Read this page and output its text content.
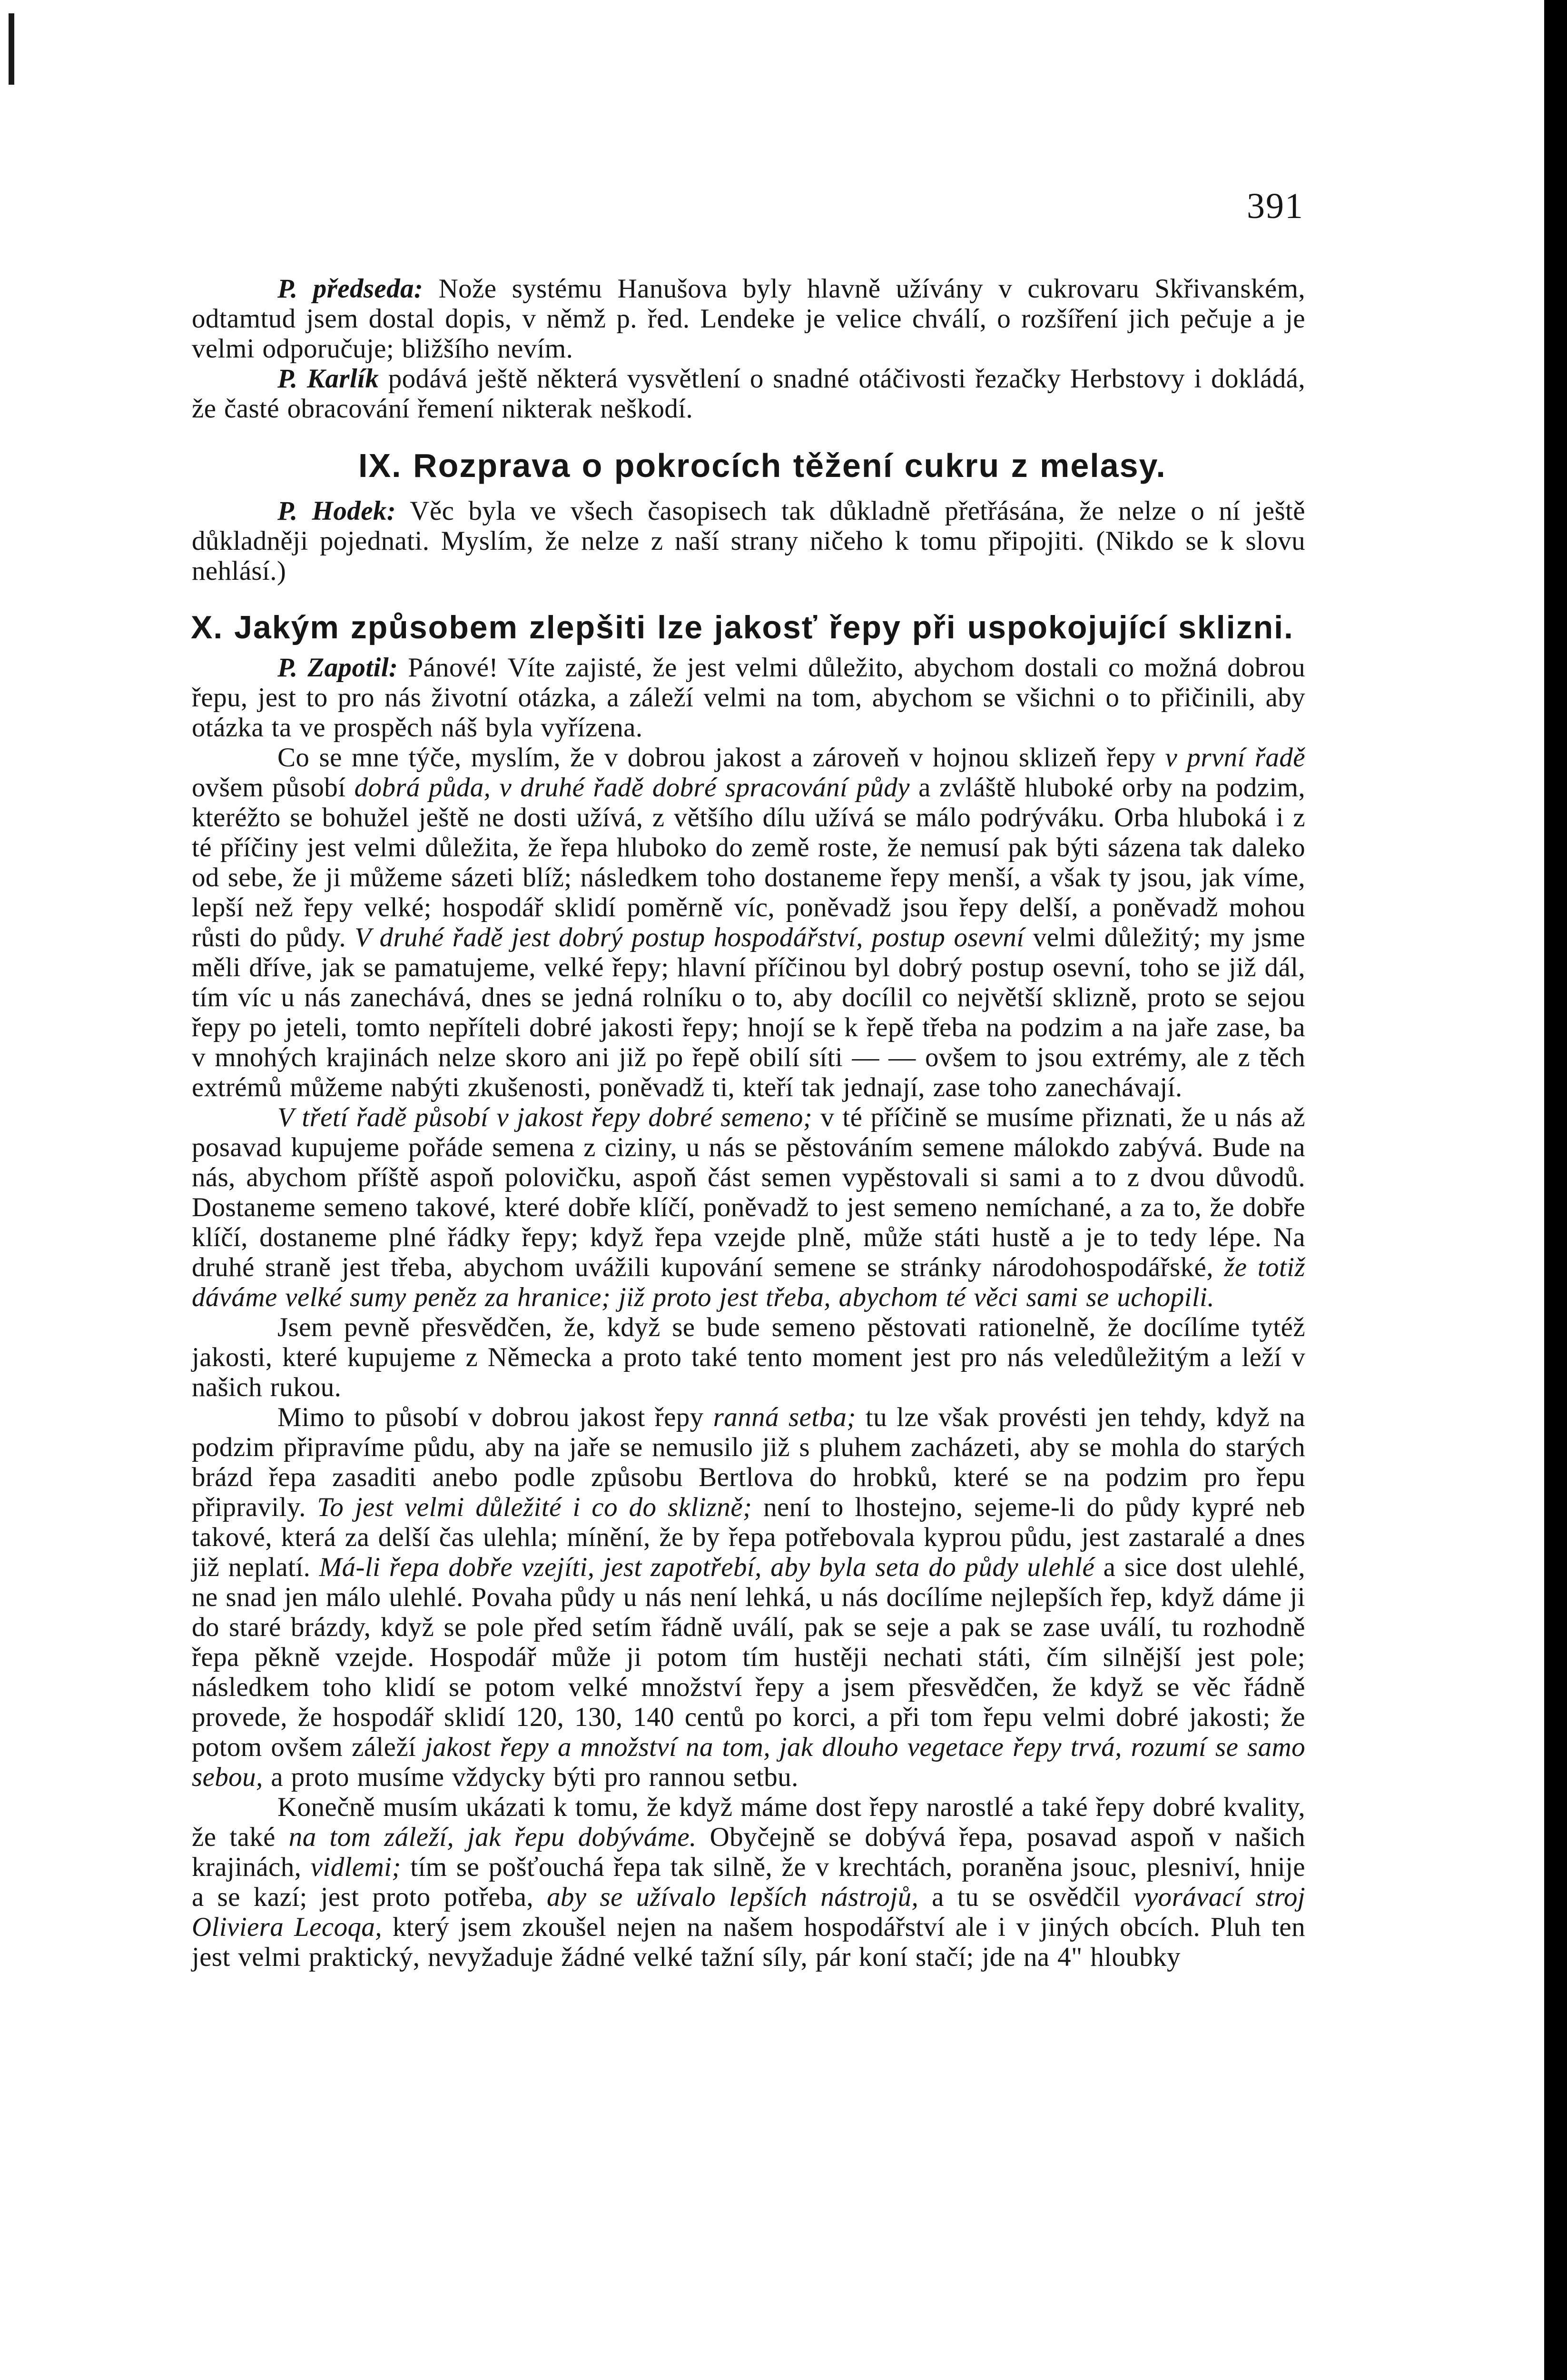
391

P. předseda: Nože systému Hanušova byly hlavně užívány v cukrovaru Skřivanském, odtamtud jsem dostal dopis, v němž p. řed. Lendeke je velice chválí, o rozšíření jich pečuje a je velmi odporučuje; bližšího nevím.

P. Karlík podává ještě některá vysvětlení o snadné otáčivosti řezačky Herbstovy i dokládá, že časté obracování řemení nikterak neškodí.

IX. Rozprava o pokrocích těžení cukru z melasy.

P. Hodek: Věc byla ve všech časopisech tak důkladně přetřásána, že nelze o ní ještě důkladněji pojednati. Myslím, že nelze z naší strany ničeho k tomu připojiti. (Nikdo se k slovu nehlásí.)

X. Jakým způsobem zlepšiti lze jakosť řepy při uspokojující sklizni.

P. Zapotil: Pánové! Víte zajisté, že jest velmi důležito, abychom dostali co možná dobrou řepu, jest to pro nás životní otázka, a záleží velmi na tom, abychom se všichni o to přičinili, aby otázka ta ve prospěch náš byla vyřízena.

Co se mne týče, myslím, že v dobrou jakost a zároveň v hojnou sklizeň řepy v první řadě ovšem působí dobrá půda, v druhé řadě dobré spracování půdy a zvláště hluboké orby na podzim, kteréžto se bohužel ještě ne dosti užívá, z většího dílu užívá se málo podrýváku. Orba hluboká i z té příčiny jest velmi důležita, že řepa hluboko do země roste, že nemusí pak býti sázena tak daleko od sebe, že ji můžeme sázeti blíž; následkem toho dostaneme řepy menší, a však ty jsou, jak víme, lepší než řepy velké; hospodář sklidí poměrně víc, poněvadž jsou řepy delší, a poněvadž mohou růsti do půdy. V druhé řadě jest dobrý postup hospodářství, postup osevní velmi důležitý; my jsme měli dříve, jak se pamatujeme, velké řepy; hlavní příčinou byl dobrý postup osevní, toho se již dál, tím víc u nás zanechává, dnes se jedná rolníku o to, aby docílil co největší sklizně, proto se sejou řepy po jeteli, tomto nepříteli dobré jakosti řepy; hnojí se k řepě třeba na podzim a na jaře zase, ba v mnohých krajinách nelze skoro ani již po řepě obilí síti — — ovšem to jsou extrémy, ale z těch extrémů můžeme nabýti zkušenosti, poněvadž ti, kteří tak jednají, zase toho zanechávají.

V třetí řadě působí v jakost řepy dobré semeno; v té příčině se musíme přiznati, že u nás až posavad kupujeme pořáde semena z ciziny, u nás se pěstováním semene málokdo zabývá. Bude na nás, abychom příště aspoň polovičku, aspoň část semen vypěstovali si sami a to z dvou důvodů. Dostaneme semeno takové, které dobře klíčí, poněvadž to jest semeno nemíchané, a za to, že dobře klíčí, dostaneme plné řádky řepy; když řepa vzejde plně, může státi hustě a je to tedy lépe. Na druhé straně jest třeba, abychom uvážili kupování semene se stránky národohospodářské, že totiž dáváme velké sumy peněz za hranice; již proto jest třeba, abychom té věci sami se uchopili.

Jsem pevně přesvědčen, že, když se bude semeno pěstovati rationelně, že docílíme tytéž jakosti, které kupujeme z Německa a proto také tento moment jest pro nás veledůležitým a leží v našich rukou.

Mimo to působí v dobrou jakost řepy ranná setba; tu lze však provésti jen tehdy, když na podzim připravíme půdu, aby na jaře se nemusilo již s pluhem zacházeti, aby se mohla do starých brázd řepa zasaditi anebo podle způsobu Bertlova do hrobků, které se na podzim pro řepu připravily. To jest velmi důležité i co do sklizně; není to lhostejno, sejeme-li do půdy kypré neb takové, která za delší čas ulehla; mínění, že by řepa potřebovala kyprou půdu, jest zastaralé a dnes již neplatí. Má-li řepa dobře vzejíti, jest zapotřebí, aby byla seta do půdy ulehlé a sice dost ulehlé, ne snad jen málo ulehlé. Povaha půdy u nás není lehká, u nás docílíme nejlepších řep, když dáme ji do staré brázdy, když se pole před setím řádně uválí, pak se seje a pak se zase uválí, tu rozhodně řepa pěkně vzejde. Hospodář může ji potom tím hustěji nechati státi, čím silnější jest pole; následkem toho klidí se potom velké množství řepy a jsem přesvědčen, že když se věc řádně provede, že hospodář sklidí 120, 130, 140 centů po korci, a při tom řepu velmi dobré jakosti; že potom ovšem záleží jakost řepy a množství na tom, jak dlouho vegetace řepy trvá, rozumí se samo sebou, a proto musíme vždycky býti pro rannou setbu.

Konečně musím ukázati k tomu, že když máme dost řepy narostlé a také řepy dobré kvality, že také na tom záleží, jak řepu dobýváme. Obyčejně se dobývá řepa, posavad aspoň v našich krajinách, vidlemi; tím se pošťouchá řepa tak silně, že v krechtách, poraněna jsouc, plesniví, hnije a se kazí; jest proto potřeba, aby se užívalo lepších nástrojů, a tu se osvědčil vyorávací stroj Oliviera Lecoqa, který jsem zkoušel nejen na našem hospodářství ale i v jiných obcích. Pluh ten jest velmi praktický, nevyžaduje žádné velké tažní síly, pár koní stačí; jde na 4" hloubky
